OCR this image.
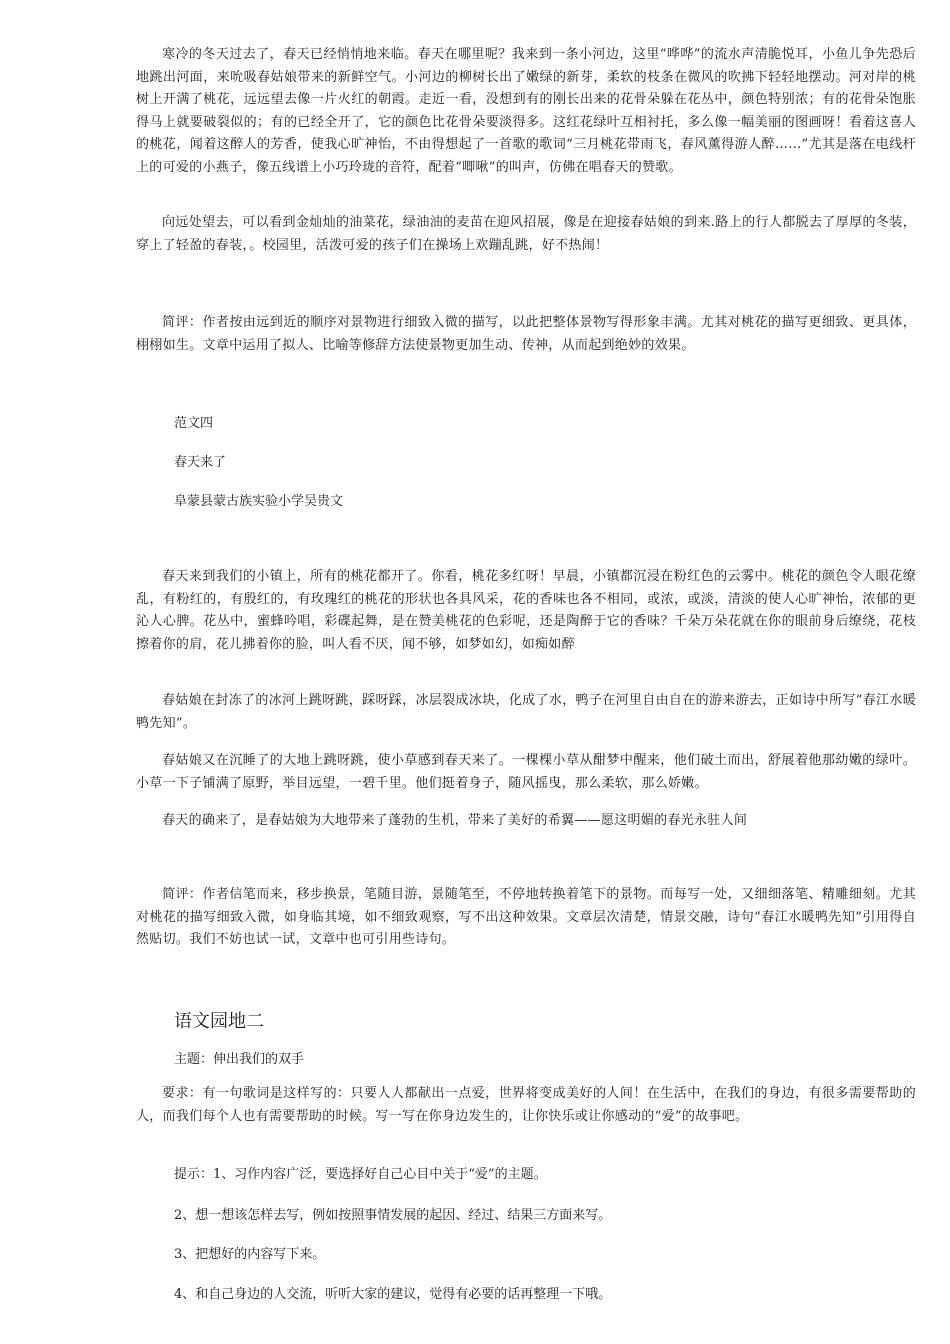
寒冷的冬天过去了，春天已经悄悄地来临。春天在哪里呢？我来到一条小河边，这里“哗哗”的流水声清脆悦耳，小鱼儿争先恐后地跳出河面，来吮吸春姑娘带来的新鲜空气。小河边的柳树长出了嫩绿的新芽，柔软的枝条在微风的吹拂下轻轻地摆动。河对岸的桃树上开满了桃花，远远望去像一片火红的朝霞。走近一看，没想到有的刚长出来的花骨朵躲在花丛中，颜色特别浓；有的花骨朵饱胀得马上就要破裂似的；有的已经全开了，它的颜色比花骨朵要淡得多。这红花绿叶互相衬托，多么像一幅美丽的图画呀！看着这喜人的桃花，闻着这醉人的芳香，使我心旷神怡，不由得想起了一首歌的歌词“三月桃花带雨飞，春风薰得游人醉……”尤其是落在电线杆上的可爱的小燕子，像五线谱上小巧玲珑的音符，配着“唧啾”的叫声，仿佛在唱春天的赞歌。

向远处望去，可以看到金灿灿的油菜花，绿油油的麦苗在迎风招展，像是在迎接春姑娘的到来.路上的行人都脱去了厚厚的冬装，穿上了轻盈的春装，。校园里，活泼可爱的孩子们在操场上欢蹦乱跳，好不热闹！

简评：作者按由远到近的顺序对景物进行细致入微的描写，以此把整体景物写得形象丰满。尤其对桃花的描写更细致、更具体，栩栩如生。文章中运用了拟人、比喻等修辞方法使景物更加生动、传神，从而起到绝妙的效果。

范文四

春天来了

阜蒙县蒙古族实验小学吴贵文

春天来到我们的小镇上，所有的桃花都开了。你看，桃花多红呀！早晨，小镇都沉浸在粉红色的云雾中。桃花的颜色令人眼花缭乱，有粉红的，有殷红的，有玫瑰红的桃花的形状也各具风采，花的香味也各不相同，或浓，或淡，清淡的使人心旷神怡，浓郁的更沁人心脾。花丛中，蜜蜂吟唱，彩碟起舞，是在赞美桃花的色彩呢，还是陶醉于它的香味？千朵万朵花就在你的眼前身后缭绕，花枝擦着你的肩，花儿拂着你的脸，叫人看不厌，闻不够，如梦如幻，如痴如醉

春姑娘在封冻了的冰河上跳呀跳，踩呀踩，冰层裂成冰块，化成了水，鸭子在河里自由自在的游来游去，正如诗中所写“春江水暖鸭先知”。

春姑娘又在沉睡了的大地上跳呀跳，使小草感到春天来了。一棵棵小草从酣梦中醒来，他们破土而出，舒展着他那幼嫩的绿叶。小草一下子铺满了原野，举目远望，一碧千里。他们挺着身子，随风摇曳，那么柔软，那么娇嫩。

春天的确来了，是春姑娘为大地带来了蓬勃的生机，带来了美好的希翼——愿这明媚的春光永驻人间

简评：作者信笔而来，移步换景，笔随目游，景随笔至，不停地转换着笔下的景物。而每写一处，又细细落笔、精雕细刻。尤其对桃花的描写细致入微，如身临其境，如不细致观察，写不出这种效果。文章层次清楚，情景交融，诗句“春江水暖鸭先知”引用得自然贴切。我们不妨也试一试，文章中也可引用些诗句。

语文园地二

主题：伸出我们的双手

要求：有一句歌词是这样写的：只要人人都献出一点爱，世界将变成美好的人间！在生活中，在我们的身边，有很多需要帮助的人，而我们每个人也有需要帮助的时候。写一写在你身边发生的，让你快乐或让你感动的“爱”的故事吧。

提示：1、习作内容广泛，要选择好自己心目中关于“爱”的主题。

2、想一想该怎样去写，例如按照事情发展的起因、经过、结果三方面来写。

3、把想好的内容写下来。

4、和自己身边的人交流，听听大家的建议，觉得有必要的话再整理一下哦。
